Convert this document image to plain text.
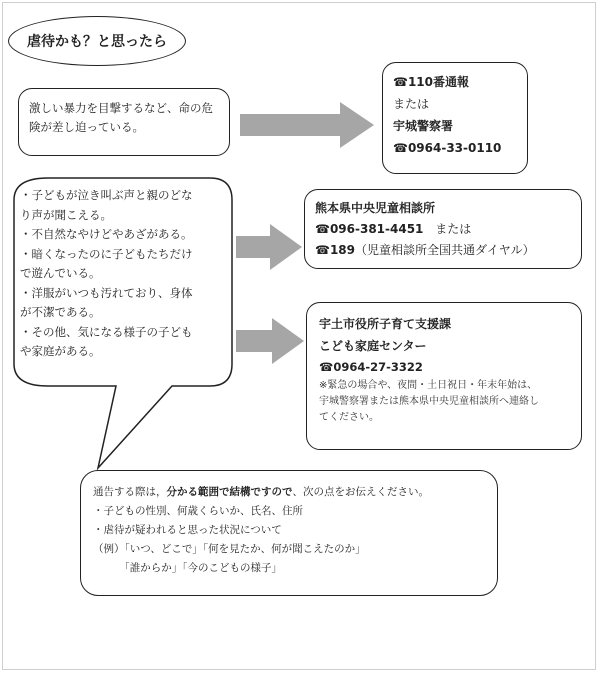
虐待かも？と思ったら

激しい暴力を目撃するなど、命の危

険が差し迫っている。

☎110番通報

または

宇城警察署

☎0964-33-0110

・子どもが泣き叫ぶ声と親のどな

り声が聞こえる。

・不自然なやけどやあざがある。

・暗くなったのに子どもたちだけ

で遊んでいる。

・洋服がいつも汚れており、身体

が不潔である。

・その他、気になる様子の子ども

や家庭がある。

熊本県中央児童相談所

☎096-381-4451 または

☎189（児童相談所全国共通ダイヤル）

宇土市役所子育て支援課

こども家庭センター

☎0964-27-3322

※緊急の場合や、夜間・土日祝日・年末年始は、

宇城警察署または熊本県中央児童相談所へ連絡し

てください。

通告する際は，分かる範囲で結構ですので、次の点をお伝えください。

・子どもの性別、何歳くらいか、氏名、住所

・虐待が疑われると思った状況について

（例）「いつ、どこで」「何を見たか、何が聞こえたのか」

　　　「誰からか」「今のこどもの様子」
